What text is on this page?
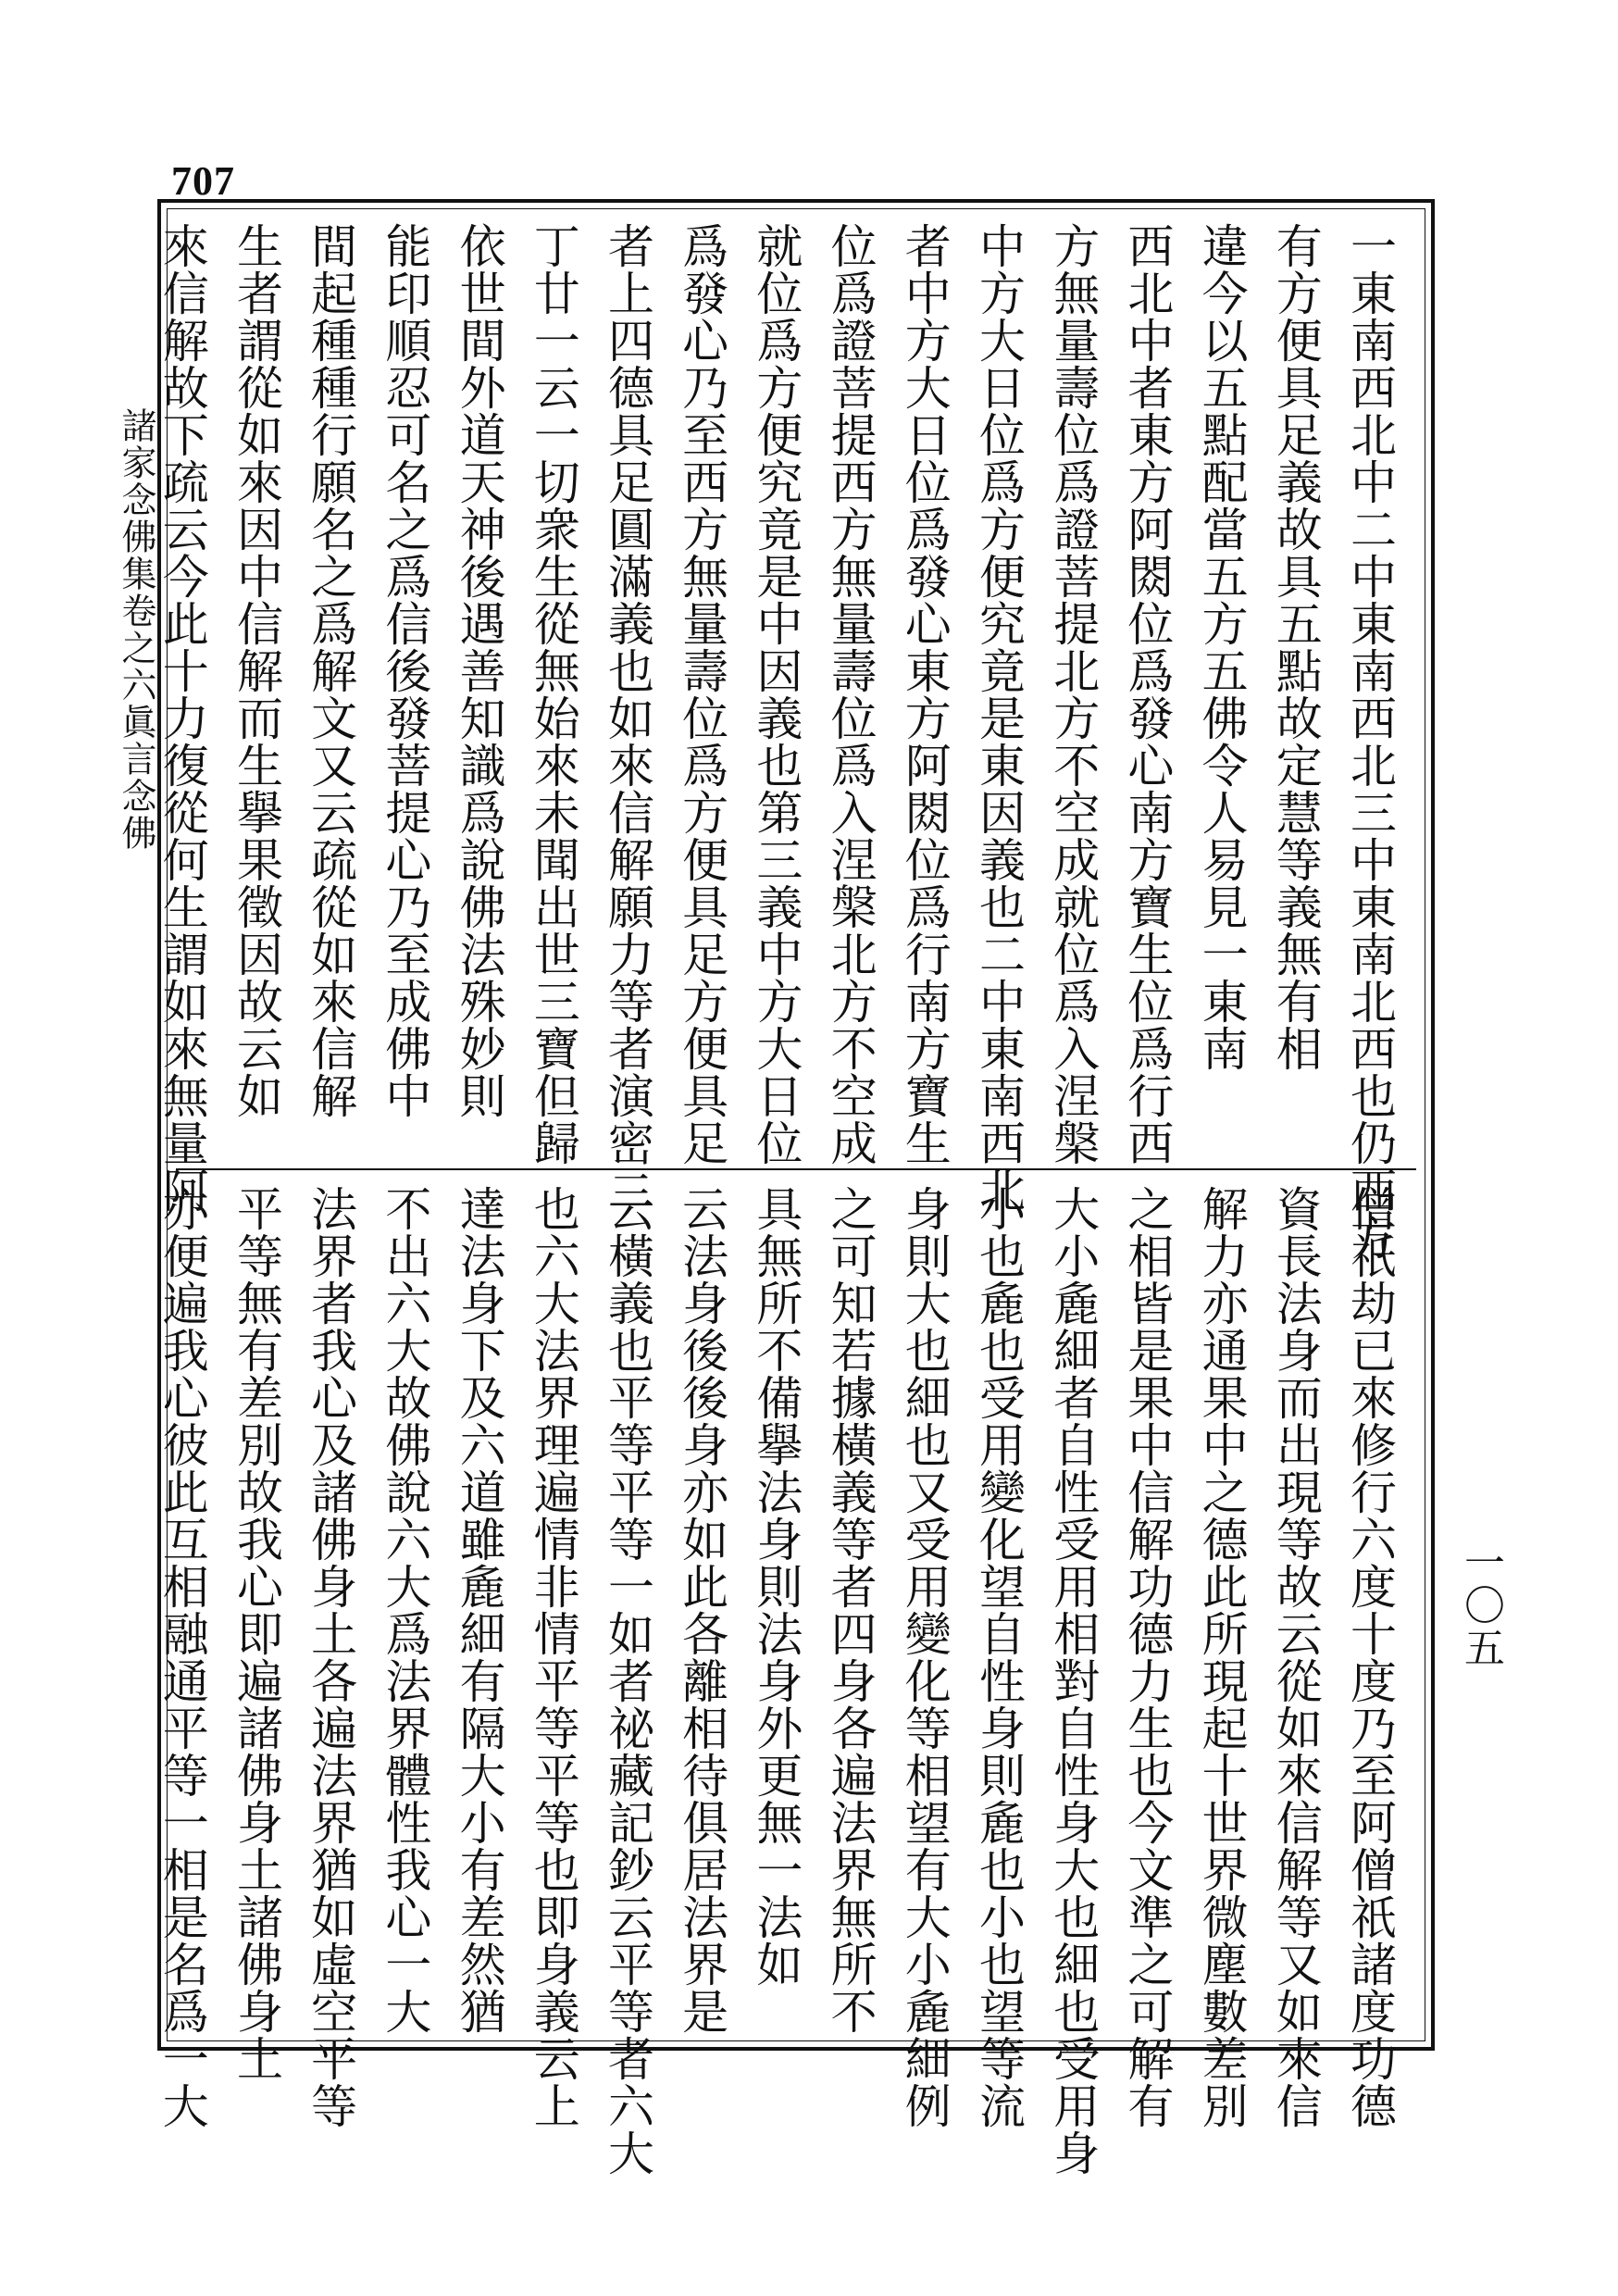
707
諸家念佛集卷之六眞言念佛
一〇五
一東南西北中二中東南西北三中東南北西也仍西方
有方便具足義故具五點故定慧等義無有相
違今以五點配當五方五佛令人易見一東南
西北中者東方阿閦位爲發心南方寶生位爲行西
方無量壽位爲證菩提北方不空成就位爲入涅槃
中方大日位爲方便究竟是東因義也二中東南西北
者中方大日位爲發心東方阿閦位爲行南方寶生
位爲證菩提西方無量壽位爲入涅槃北方不空成
就位爲方便究竟是中因義也第三義中方大日位
爲發心乃至西方無量壽位爲方便具足方便具足
者上四德具足圓滿義也如來信解願力等者演密二
丁廿一云一切衆生從無始來未聞出世三寶但歸
依世間外道天神後遇善知識爲說佛法殊妙則
能印順忍可名之爲信後發菩提心乃至成佛中
間起種種行願名之爲解文又云疏從如來信解
生者謂從如來因中信解而生擧果徵因故云如
來信解故下疏云今此十力復從何生謂如來無量阿
僧祇劫已來修行六度十度乃至阿僧祇諸度功德
資長法身而出現等故云從如來信解等又如來信
解力亦通果中之德此所現起十世界微塵數差別
之相皆是果中信解功德力生也今文準之可解有
大小麁細者自性受用相對自性身大也細也受用身
小也麁也受用變化望自性身則麁也小也望等流
身則大也細也又受用變化等相望有大小麁細例
之可知若據橫義等者四身各遍法界無所不
具無所不備擧法身則法身外更無一法如
云法身後後身亦如此各離相待俱居法界是
云橫義也平等平等一如者祕藏記鈔云平等者六大
也六大法界理遍情非情平等平等也即身義云上
達法身下及六道雖麁細有隔大小有差然猶
不出六大故佛說六大爲法界體性我心一大
法界者我心及諸佛身土各遍法界猶如虛空平等
平等無有差別故我心即遍諸佛身土諸佛身土
亦便遍我心彼此互相融通平等一相是名爲一大
